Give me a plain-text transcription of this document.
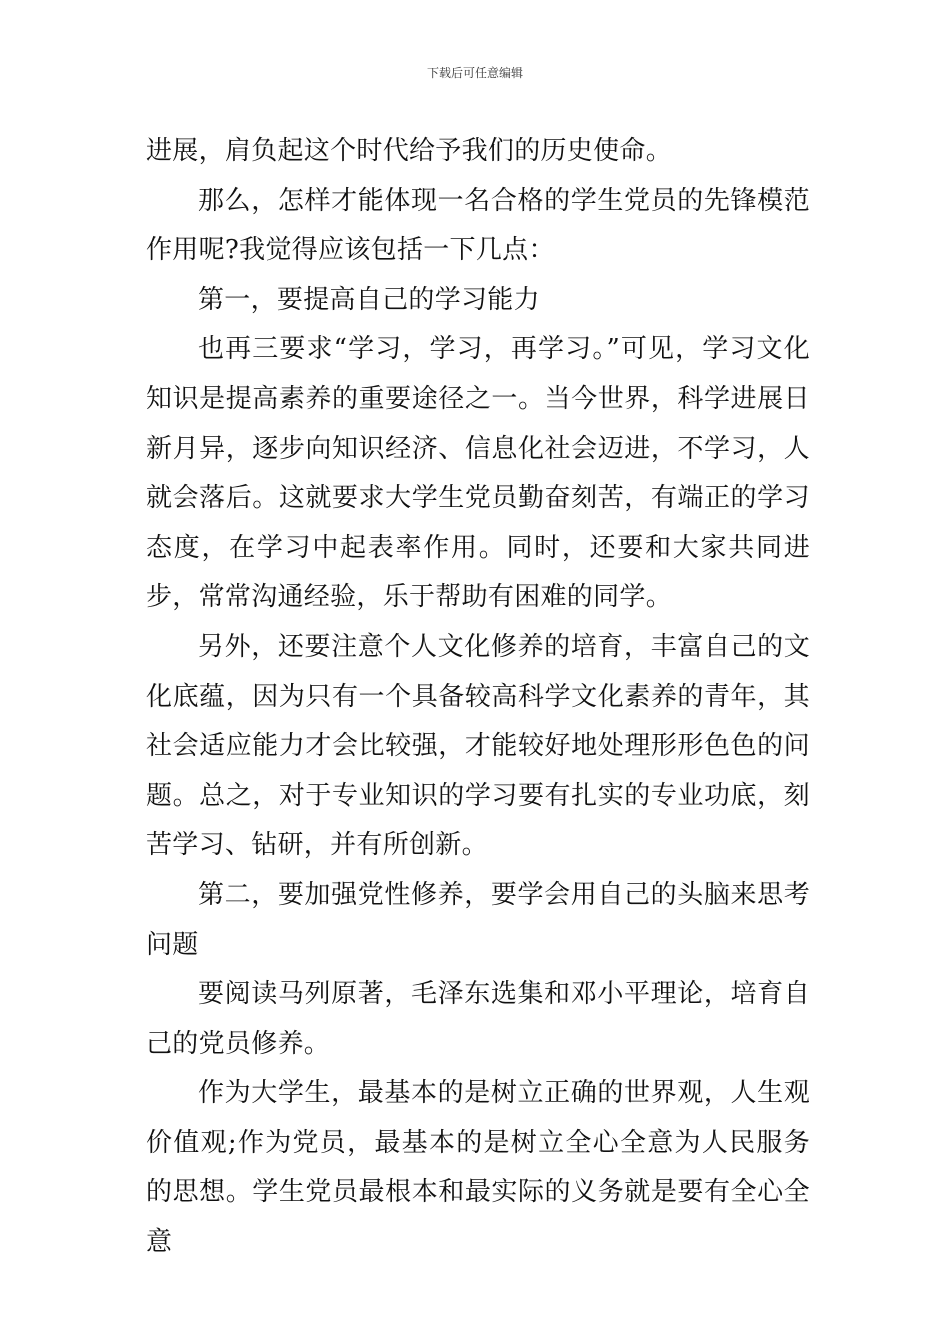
下载后可任意编辑

进展，肩负起这个时代给予我们的历史使命。

那么，怎样才能体现一名合格的学生党员的先锋模范作用呢?我觉得应该包括一下几点：

第一，要提高自己的学习能力

也再三要求“学习，学习，再学习。”可见，学习文化知识是提高素养的重要途径之一。当今世界，科学进展日新月异，逐步向知识经济、信息化社会迈进，不学习，人就会落后。这就要求大学生党员勤奋刻苦，有端正的学习态度，在学习中起表率作用。同时，还要和大家共同进步，常常沟通经验，乐于帮助有困难的同学。

另外，还要注意个人文化修养的培育，丰富自己的文化底蕴，因为只有一个具备较高科学文化素养的青年，其社会适应能力才会比较强，才能较好地处理形形色色的问题。总之，对于专业知识的学习要有扎实的专业功底，刻苦学习、钻研，并有所创新。

第二，要加强党性修养，要学会用自己的头脑来思考问题

要阅读马列原著，毛泽东选集和邓小平理论，培育自己的党员修养。

作为大学生，最基本的是树立正确的世界观，人生观价值观;作为党员，最基本的是树立全心全意为人民服务的思想。学生党员最根本和最实际的义务就是要有全心全意
